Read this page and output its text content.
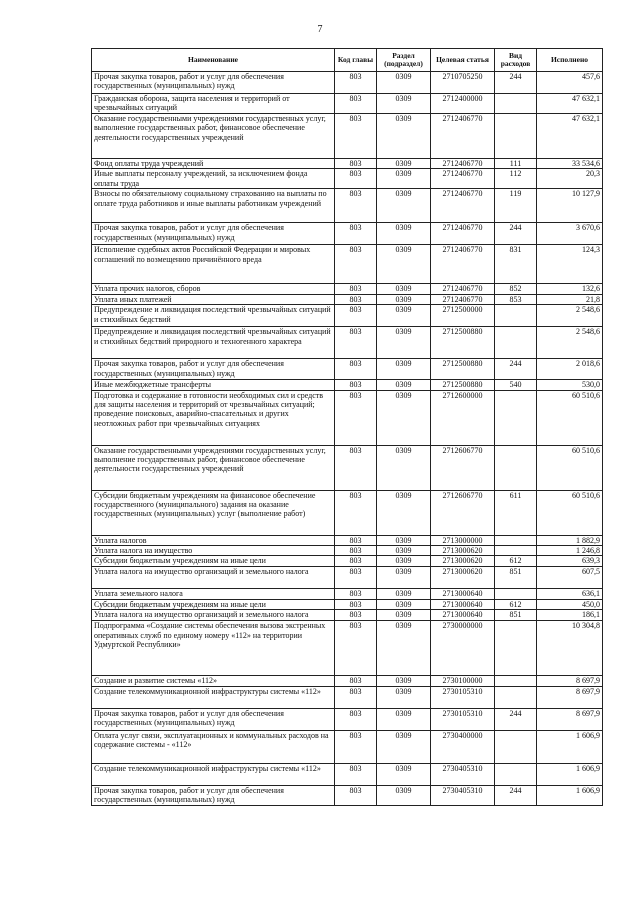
7
Наименование	Код главы	Раздел (подраздел)	Целевая статья	Вид расходов	Исполнено
Прочая закупка товаров, работ и услуг для обеспечения государственных (муниципальных) нужд	803	0309	2710705250	244	457,6
Гражданская оборона, защита населения и территорий от чрезвычайных ситуаций	803	0309	2712400000		47 632,1
Оказание государственными учреждениями государственных услуг, выполнение государственных работ, финансовое обеспечение деятельности государственных учреждений	803	0309	2712406770		47 632,1
Фонд оплаты труда учреждений	803	0309	2712406770	111	33 534,6
Иные выплаты персоналу учреждений, за исключением фонда оплаты труда	803	0309	2712406770	112	20,3
Взносы по обязательному социальному страхованию на выплаты по оплате труда работников и иные выплаты работникам учреждений	803	0309	2712406770	119	10 127,9
Прочая закупка товаров, работ и услуг для обеспечения государственных (муниципальных) нужд	803	0309	2712406770	244	3 670,6
Исполнение судебных актов Российской Федерации и мировых соглашений по возмещению причинённого вреда	803	0309	2712406770	831	124,3
Уплата прочих налогов, сборов	803	0309	2712406770	852	132,6
Уплата иных платежей	803	0309	2712406770	853	21,8
Предупреждение и ликвидация последствий чрезвычайных ситуаций и стихийных бедствий	803	0309	2712500000		2 548,6
Предупреждение и ликвидация последствий чрезвычайных ситуаций и стихийных бедствий природного и техногенного характера	803	0309	2712500880		2 548,6
Прочая закупка товаров, работ и услуг для обеспечения государственных (муниципальных) нужд	803	0309	2712500880	244	2 018,6
Иные межбюджетные трансферты	803	0309	2712500880	540	530,0
Подготовка и содержание в готовности необходимых сил и средств для защиты населения и территорий от чрезвычайных ситуаций; проведение поисковых, аварийно-спасательных и других неотложных работ при чрезвычайных ситуациях	803	0309	2712600000		60 510,6
Оказание государственными учреждениями государственных услуг, выполнение государственных работ, финансовое обеспечение деятельности государственных учреждений	803	0309	2712606770		60 510,6
Субсидии бюджетным учреждениям на финансовое обеспечение государственного (муниципального) задания на оказание государственных (муниципальных) услуг (выполнение работ)	803	0309	2712606770	611	60 510,6
Уплата налогов	803	0309	2713000000		1 882,9
Уплата налога на имущество	803	0309	2713000620		1 246,8
Субсидии бюджетным учреждениям на иные цели	803	0309	2713000620	612	639,3
Уплата налога на имущество организаций и земельного налога	803	0309	2713000620	851	607,5
Уплата земельного налога	803	0309	2713000640		636,1
Субсидии бюджетным учреждениям на иные цели	803	0309	2713000640	612	450,0
Уплата налога на имущество организаций и земельного налога	803	0309	2713000640	851	186,1
Подпрограмма «Создание системы обеспечения вызова экстренных оперативных служб по единому номеру «112» на территории Удмуртской Республики»	803	0309	2730000000		10 304,8
Создание и развитие системы «112»	803	0309	2730100000		8 697,9
Создание телекоммуникационной инфраструктуры системы «112»	803	0309	2730105310		8 697,9
Прочая закупка товаров, работ и услуг для обеспечения государственных (муниципальных) нужд	803	0309	2730105310	244	8 697,9
Оплата услуг связи, эксплуатационных и коммунальных расходов на содержание системы - «112»	803	0309	2730400000		1 606,9
Создание телекоммуникационной инфраструктуры системы «112»	803	0309	2730405310		1 606,9
Прочая закупка товаров, работ и услуг для обеспечения государственных (муниципальных) нужд	803	0309	2730405310	244	1 606,9
